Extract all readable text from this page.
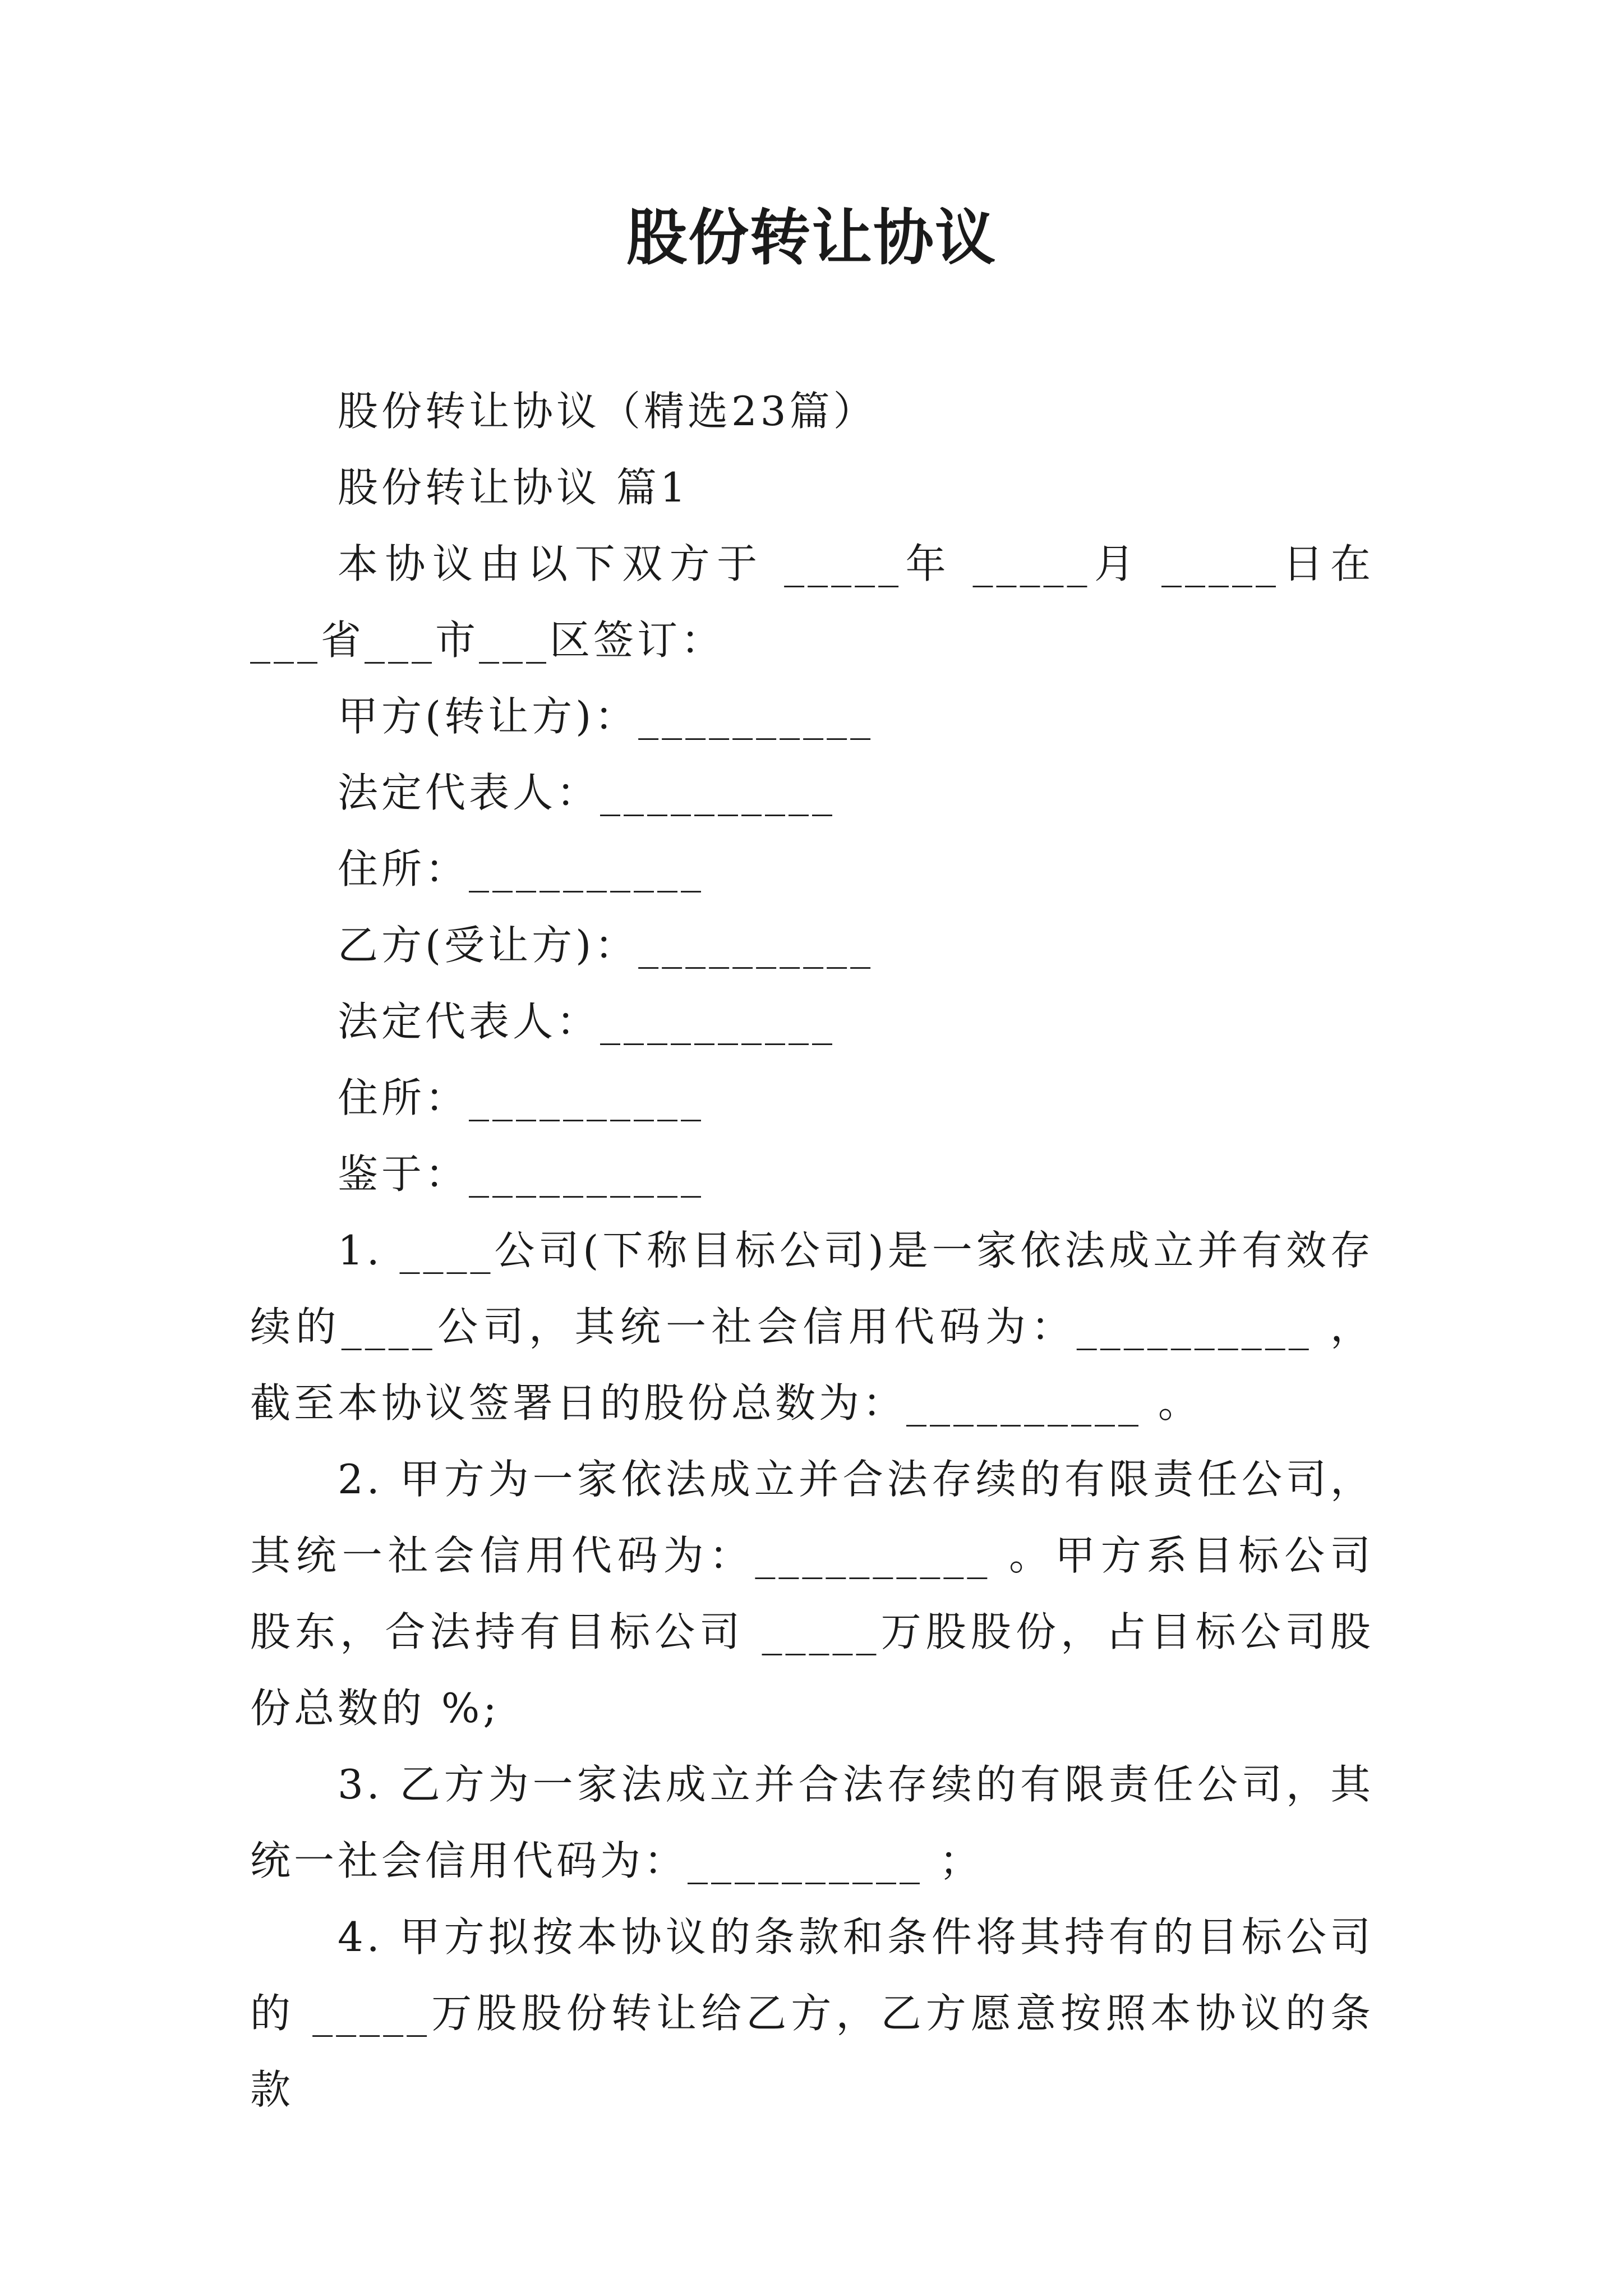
股份转让协议

股份转让协议（精选23篇）

股份转让协议 篇1

本协议由以下双方于 _____年 _____月 _____日在___省___市___区签订：

甲方(转让方)：__________

法定代表人：__________

住所：__________

乙方(受让方)：__________

法定代表人：__________

住所：__________

鉴于：__________

1. ____公司(下称目标公司)是一家依法成立并有效存续的____公司，其统一社会信用代码为：__________ ，截至本协议签署日的股份总数为：__________ 。

2. 甲方为一家依法成立并合法存续的有限责任公司，其统一社会信用代码为：__________ 。甲方系目标公司股东，合法持有目标公司 _____万股股份，占目标公司股份总数的 %;

3. 乙方为一家法成立并合法存续的有限责任公司，其统一社会信用代码为：__________ ；

4. 甲方拟按本协议的条款和条件将其持有的目标公司的 _____万股股份转让给乙方，乙方愿意按照本协议的条款
